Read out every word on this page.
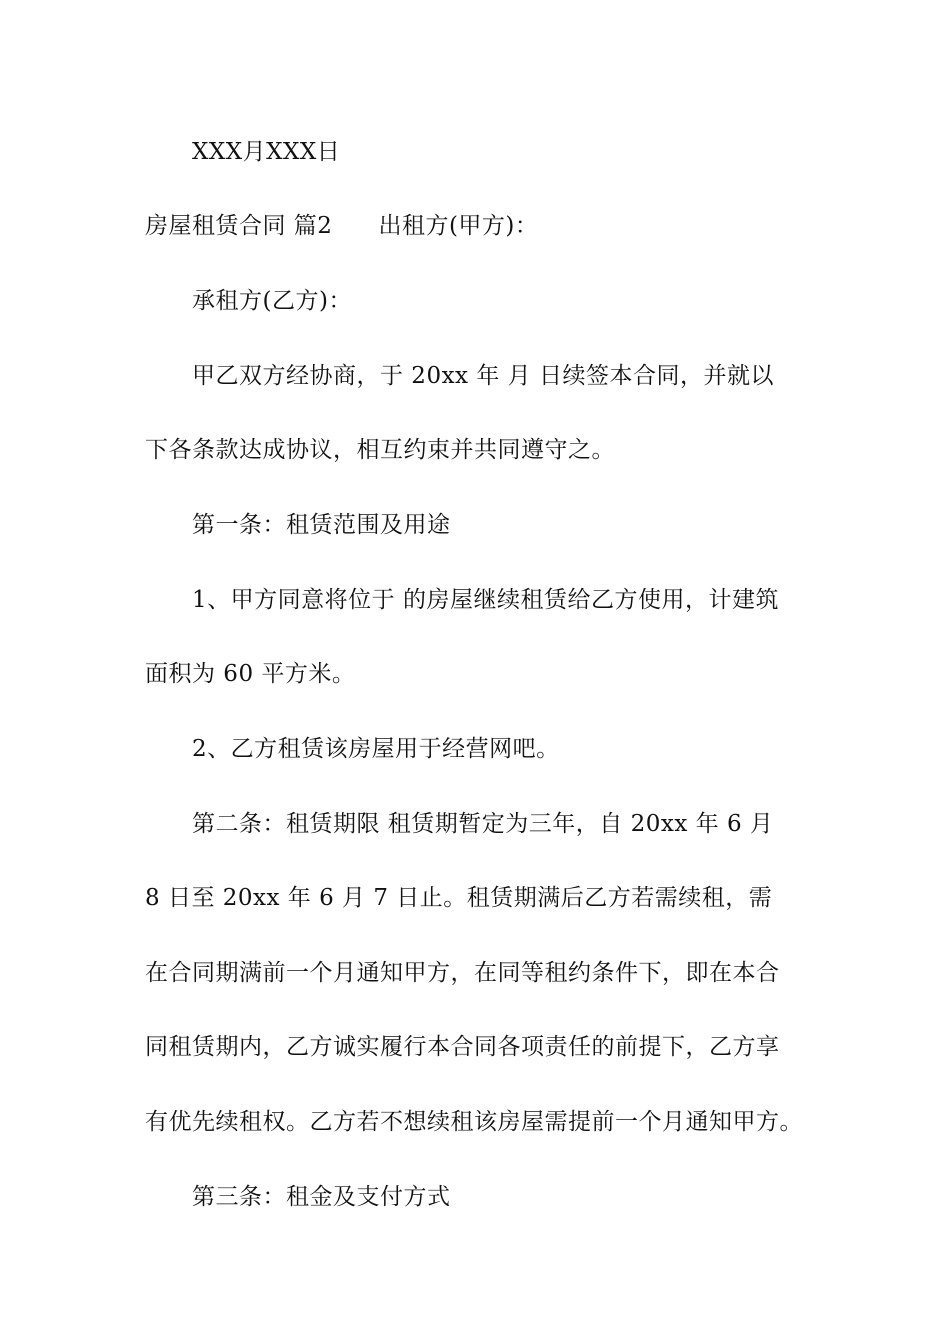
XXX月XXX日
房屋租赁合同 篇2 出租方(甲方)：
承租方(乙方)：
甲乙双方经协商，于 20xx 年 月 日续签本合同，并就以
下各条款达成协议，相互约束并共同遵守之。
第一条：租赁范围及用途
1、甲方同意将位于 的房屋继续租赁给乙方使用，计建筑
面积为 60 平方米。
2、乙方租赁该房屋用于经营网吧。
第二条：租赁期限 租赁期暂定为三年，自 20xx 年 6 月
8 日至 20xx 年 6 月 7 日止。租赁期满后乙方若需续租，需
在合同期满前一个月通知甲方，在同等租约条件下，即在本合
同租赁期内，乙方诚实履行本合同各项责任的前提下，乙方享
有优先续租权。乙方若不想续租该房屋需提前一个月通知甲方。
第三条：租金及支付方式
